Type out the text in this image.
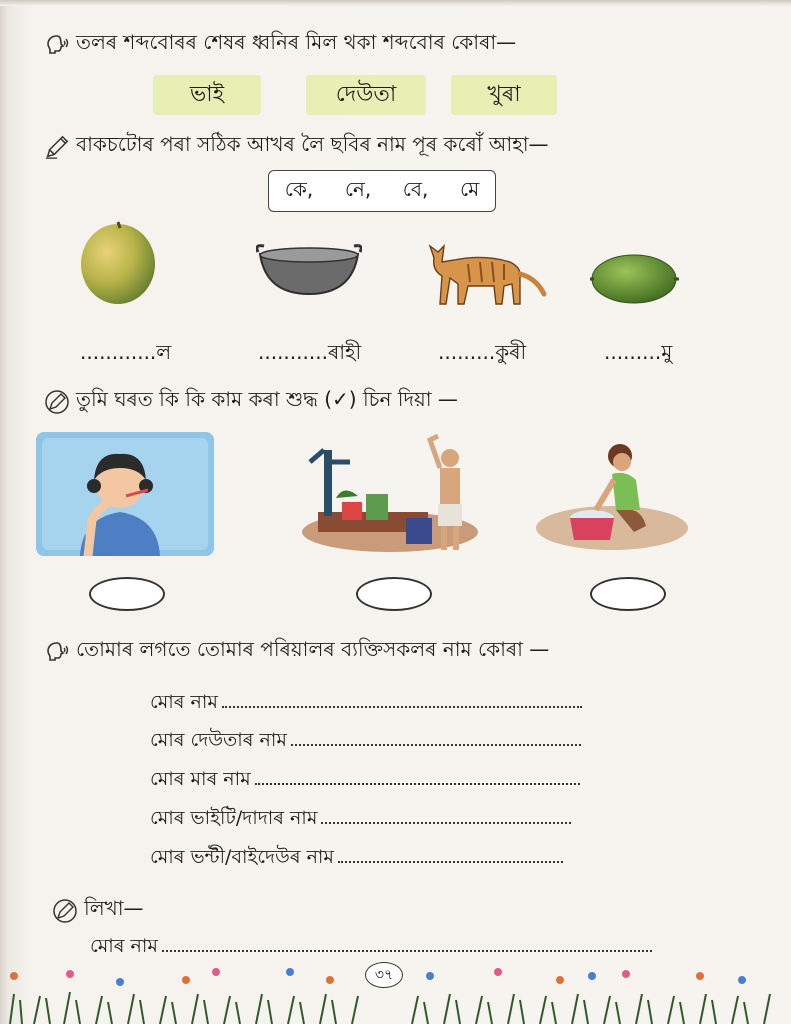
তলৰ শব্দবোৰৰ শেষৰ ধ্বনিৰ মিল থকা শব্দবোৰ কোৰা—
ভাই	দেউতা	খুৰা
বাকচটোৰ পৰা সঠিক আখৰ লৈ ছবিৰ নাম পূৰ কৰোঁ আহা—
কে, নে, বে, মে
............ল	...........ৰাহী	.........কুৰী	.........মু
তুমি ঘৰত কি কি কাম কৰা শুদ্ধ (✓) চিন দিয়া —
তোমাৰ লগতে তোমাৰ পৰিয়ালৰ ব্যক্তিসকলৰ নাম কোৰা —
মোৰ নাম
মোৰ দেউতাৰ নাম
মোৰ মাৰ নাম
মোৰ ভাইটি/দাদাৰ নাম
মোৰ ভন্টী/বাইদেউৰ নাম
লিখা—
মোৰ নাম
৩৭
